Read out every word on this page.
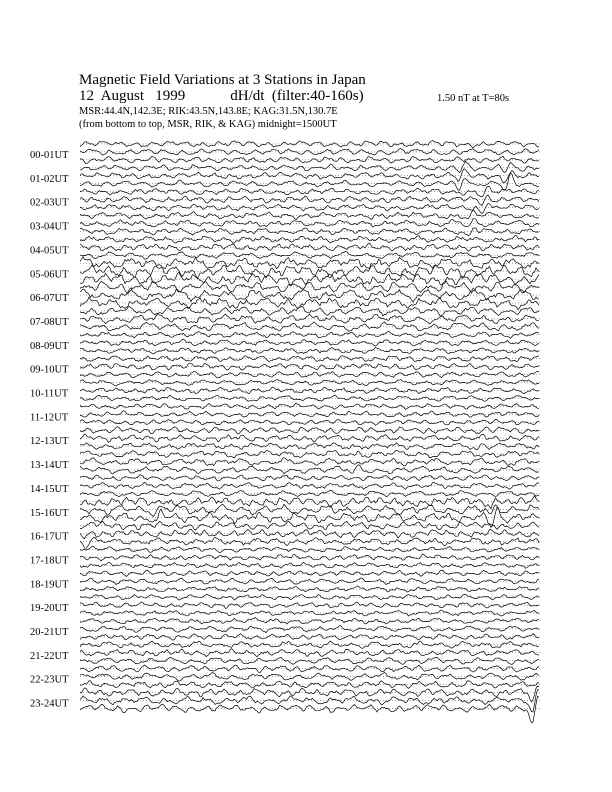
Magnetic Field Variations at 3 Stations in Japan
12  August   1999	dH/dt  (filter:40-160s)
MSR:44.4N,142.3E; RIK:43.5N,143.8E; KAG:31.5N,130.7E
(from bottom to top, MSR, RIK, & KAG) midnight=1500UT
1.50 nT at T=80s
00-01UT
01-02UT
02-03UT
03-04UT
04-05UT
05-06UT
06-07UT
07-08UT
08-09UT
09-10UT
10-11UT
11-12UT
12-13UT
13-14UT
14-15UT
15-16UT
16-17UT
17-18UT
18-19UT
19-20UT
20-21UT
21-22UT
22-23UT
23-24UT
